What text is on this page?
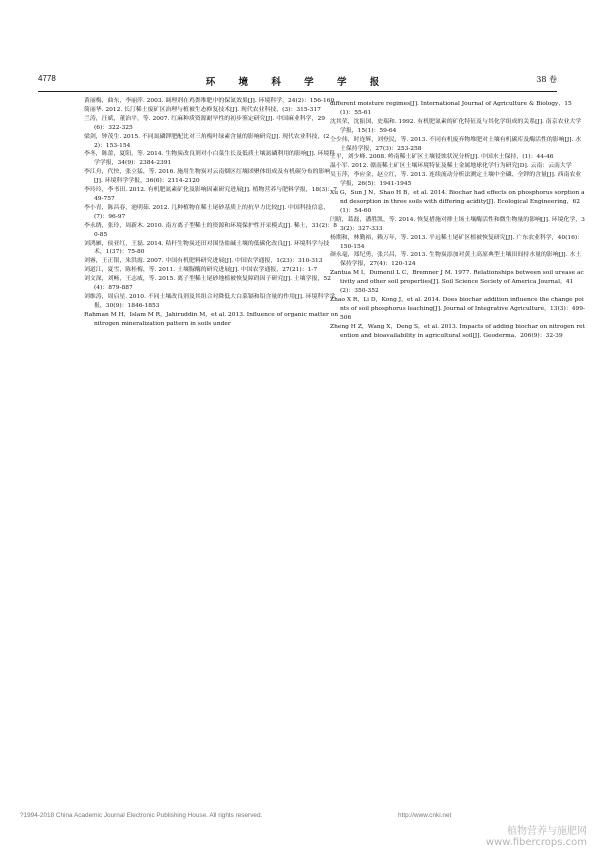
4778	环 境 科 学 学 报	38 卷

黄丽梅，曲东，李丽萍. 2003. 调理剂在鸡粪堆肥中的保氮效果[J]. 环境科学，24(2)：156-160

简丽华. 2012. 长汀稀土废矿区治理与植被生态修复技术[J]. 现代农业科技，(3)：315-317

兰涛，汪斌，董治平，等. 2007. 红麻种质资源耐旱性的初步鉴定研究[J]. 中国麻业科学，29(6)：322-325

梁剑，钟茂生. 2015. 不同氮磷钾肥配比对三角梅叶绿素含量的影响研究[J]. 现代农业科技，(22)：153-154

李冬，陈蕾，夏阳，等. 2014. 生物炭改良剂对小白菜生长及低质土壤氮磷利用的影响[J]. 环境科学学报，34(9)：2384-2391

李江舟，代快，张立猛，等. 2016. 施用生物炭对云南烟区红壤团聚体组成及有机碳分布的影响[J]. 环境科学学报，36(6)：2114-2120

李玲玲，李书田. 2012. 有机肥氮素矿化及影响因素研究进展[J]. 植物营养与肥料学报，18(3)：749-757

李小青，陈昌春，池明茹. 2012. 几种植物在稀土尾砂基质上的抗旱力比较[J]. 中国科技信息，(7)：96-97

李永绣，张玲，周新木. 2010. 南方离子型稀土的资源和环境保护性开采模式[J]. 稀土，31(2)：80-85

刘鸿雁，侯亚红，王磊. 2014. 秸秆生物炭还田对围垦盐碱土壤的低碳化改良[J]. 环境科学与技术，1(37)：75-80

刘睿，王正银，朱洪霞. 2007. 中国有机肥料研究进展[J]. 中国农学通报，1(23)：310-313

刘道江，夏雪，陈桂梅，等. 2011. 土壤脲酶的研究进展[J]. 中国农学通报，27(21)：1-7

刘文深，刘畅，王志威，等. 2015. 离子型稀土尾砂地植被恢复障碍因子研究[J]. 土壤学报，52(4)：879-887

刘维涛，周启星. 2010. 不同土壤改良剂及其组合对降低大白菜镉和铅含量的作用[J]. 环境科学学报，30(9)：1846-1853

Rahman M H，Islam M R，Jahiruddin M，et al. 2013. Influence of organic matter on nitrogen mineralization pattern in soils under

different moisture regimes[J]. International Journal of Agriculture & Biology，15(1)：55-61

沈其荣，沈振国，史瑞和. 1992. 有机肥氮素的矿化特征及与其化学组成的关系[J]. 南京农业大学学报，15(1)：59-64

仝少伟，时连辉，刘登民，等. 2013. 不同有机废弃物堆肥对土壤有机碳库及酶活性的影响[J]. 水土保持学报，27(3)：253-258

王平，刘少峰. 2008. 岭南稀土矿区土壤侵蚀状况分析[J]. 中国水土保持，(1)：44-46

温小军. 2012. 赣南稀土矿区土壤环境特征及稀土金属地球化学行为研究[D]. 云南：云南大学

吴玉萍，李应金，赵立红，等. 2013. 连续流动分析法测定土壤中全磷、全钾的含量[J]. 西南农业学报，26(5)：1941-1945

Xu G，Sun J N，Shao H B，et al. 2014. Biochar had effects on phosphorus sorption and desorption in three soils with differing acidity[J]. Ecological Engineering，62(1)：54-60

闫晗，葛磊，潘胜凯，等. 2014. 恢复措施对排土场土壤酶活性和微生物量的影响[J]. 环境化学，33(2)：327-333

杨期和，林勤裕，赖万年，等. 2013. 平远稀土尾矿区植被恢复研究[J]. 广东农业科学，40(16)：150-154

颜永毫，郑纪勇，张兴昌，等. 2013. 生物炭添加对黄土高原典型土壤田间持水量的影响[J]. 水土保持学报，27(4)：120-124

Zantua M I，Dumenil L C，Bremner J M. 1977. Relationships between soil urease activity and other soil properties[J]. Soil Science Society of America Journal，41(2)：350-352

Zhao X R，Li D，Kong J，et al. 2014. Does biochar addition influence the change points of soil phosphorus leaching[J]. Journal of Integrative Agriculture，13(3)：499-506

Zheng H Z，Wang X，Deng S，et al. 2013. Impacts of adding biochar on nitrogen retention and bioavailability in agricultural soil[J]. Geoderma，206(9)：32-39

?1994-2018 China Academic Journal Electronic Publishing House. All rights reserved.	http://www.cnki.net
植物营养与施肥网
www.fibercrops.com
